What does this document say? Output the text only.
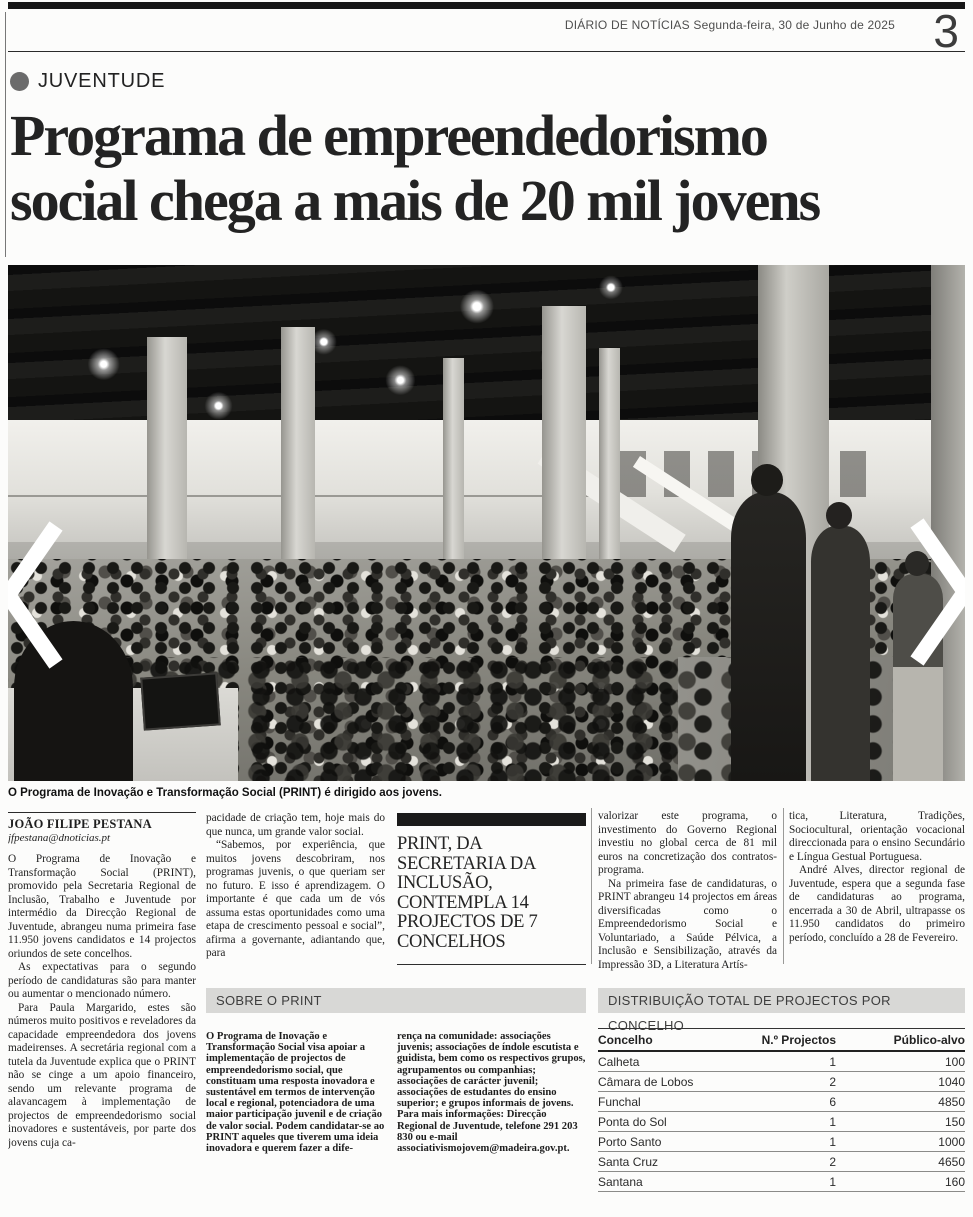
DIÁRIO DE NOTÍCIAS Segunda-feira, 30 de Junho de 2025 3
JUVENTUDE
Programa de empreendedorismo
social chega a mais de 20 mil jovens
O Programa de Inovação e Transformação Social (PRINT) é dirigido aos jovens.
JOÃO FILIPE PESTANA
jfpestana@dnoticias.pt

O Programa de Inovação e Transformação Social (PRINT), promovido pela Secretaria Regional de Inclusão, Trabalho e Juventude por intermédio da Direcção Regional de Juventude, abrangeu numa primeira fase 11.950 jovens candidatos e 14 projectos oriundos de sete concelhos.

As expectativas para o segundo período de candidaturas são para manter ou aumentar o mencionado número.

Para Paula Margarido, estes são números muito positivos e reveladores da capacidade empreendedora dos jovens madeirenses. A secretária regional com a tutela da Juventude explica que o PRINT não se cinge a um apoio financeiro, sendo um relevante programa de alavancagem à implementação de projectos de empreendedorismo social inovadores e sustentáveis, por parte dos jovens cuja ca-

pacidade de criação tem, hoje mais do que nunca, um grande valor social.

“Sabemos, por experiência, que muitos jovens descobriram, nos programas juvenis, o que queriam ser no futuro. E isso é aprendizagem. O importante é que cada um de vós assuma estas oportunidades como uma etapa de crescimento pessoal e social”, afirma a governante, adiantando que, para

PRINT, DA SECRETARIA DA INCLUSÃO, CONTEMPLA 14 PROJECTOS DE 7 CONCELHOS

valorizar este programa, o investimento do Governo Regional investiu no global cerca de 81 mil euros na concretização dos contratos-programa.

Na primeira fase de candidaturas, o PRINT abrangeu 14 projectos em áreas diversificadas como o Empreendedorismo Social e Voluntariado, a Saúde Pélvica, a Inclusão e Sensibilização, através da Impressão 3D, a Literatura Artís-

tica, Literatura, Tradições, Sociocultural, orientação vocacional direccionada para o ensino Secundário e Língua Gestual Portuguesa.

André Alves, director regional de Juventude, espera que a segunda fase de candidaturas ao programa, encerrada a 30 de Abril, ultrapasse os 11.950 candidatos do primeiro período, concluído a 28 de Fevereiro.

SOBRE O PRINT	DISTRIBUIÇÃO TOTAL DE PROJECTOS POR CONCELHO

O Programa de Inovação e Transformação Social visa apoiar a implementação de projectos de empreendedorismo social, que constituam uma resposta inovadora e sustentável em termos de intervenção local e regional, potenciadora de uma maior participação juvenil e de criação de valor social. Podem candidatar-se ao PRINT aqueles que tiverem uma ideia inovadora e querem fazer a dife-

rença na comunidade: associações juvenis; associações de índole escutista e guidista, bem como os respectivos grupos, agrupamentos ou companhias; associações de carácter juvenil; associações de estudantes do ensino superior; e grupos informais de jovens.

Para mais informações: Direcção Regional de Juventude, telefone 291 203 830 ou e-mail associativismojovem@madeira.gov.pt.

Concelho	N.º Projectos	Público-alvo
Calheta	1	100
Câmara de Lobos	2	1040
Funchal	6	4850
Ponta do Sol	1	150
Porto Santo	1	1000
Santa Cruz	2	4650
Santana	1	160
